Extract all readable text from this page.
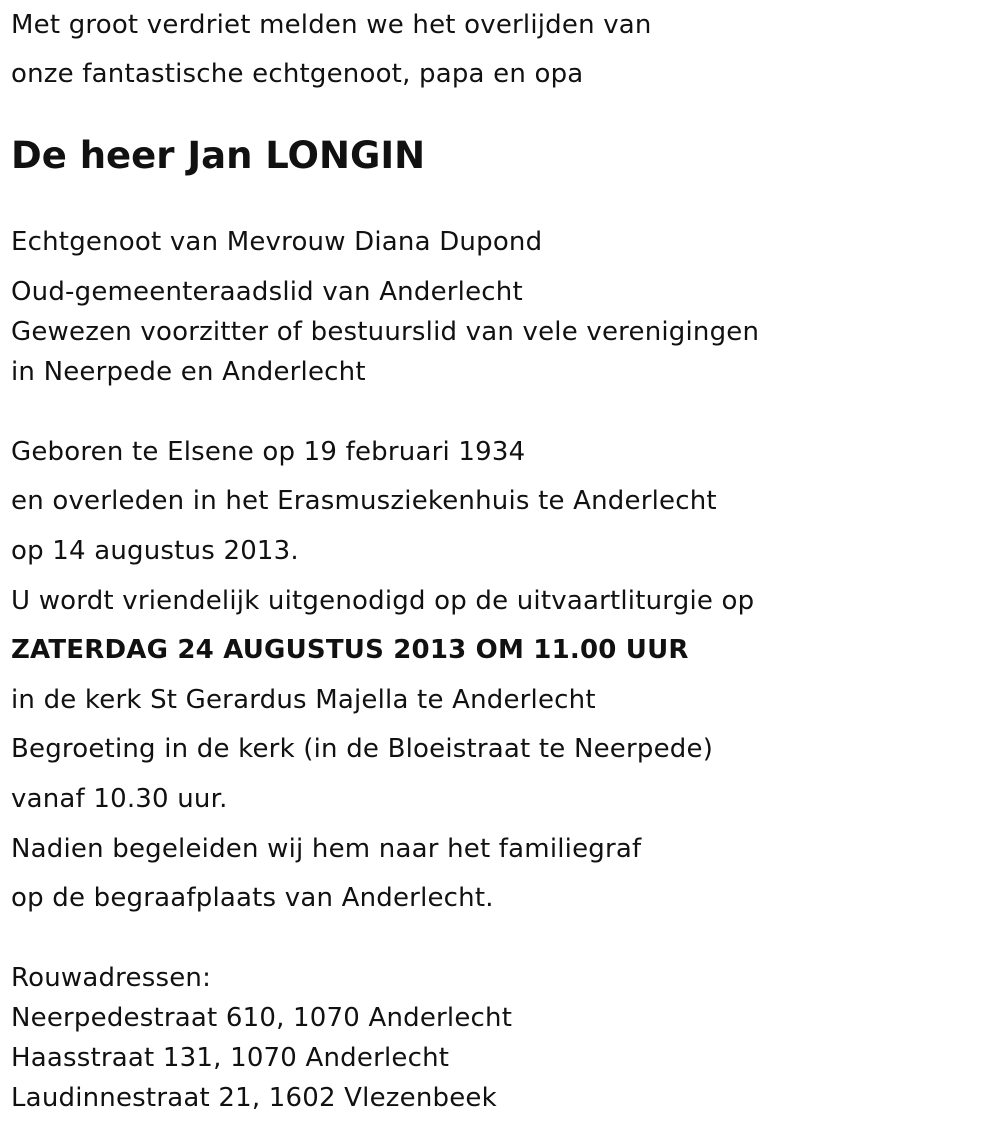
Met groot verdriet melden we het overlijden van
onze fantastische echtgenoot, papa en opa
De heer Jan LONGIN
Echtgenoot van Mevrouw Diana Dupond
Oud-gemeenteraadslid van Anderlecht
Gewezen voorzitter of bestuurslid van vele verenigingen
in Neerpede en Anderlecht
Geboren te Elsene op 19 februari 1934
en overleden in het Erasmusziekenhuis te Anderlecht
op 14 augustus 2013.
U wordt vriendelijk uitgenodigd op de uitvaartliturgie op
ZATERDAG 24 AUGUSTUS 2013 OM 11.00 UUR
in de kerk St Gerardus Majella te Anderlecht
Begroeting in de kerk (in de Bloeistraat te Neerpede)
vanaf 10.30 uur.
Nadien begeleiden wij hem naar het familiegraf
op de begraafplaats van Anderlecht.
Rouwadressen:
Neerpedestraat 610, 1070 Anderlecht
Haasstraat 131, 1070 Anderlecht
Laudinnestraat 21, 1602 Vlezenbeek
